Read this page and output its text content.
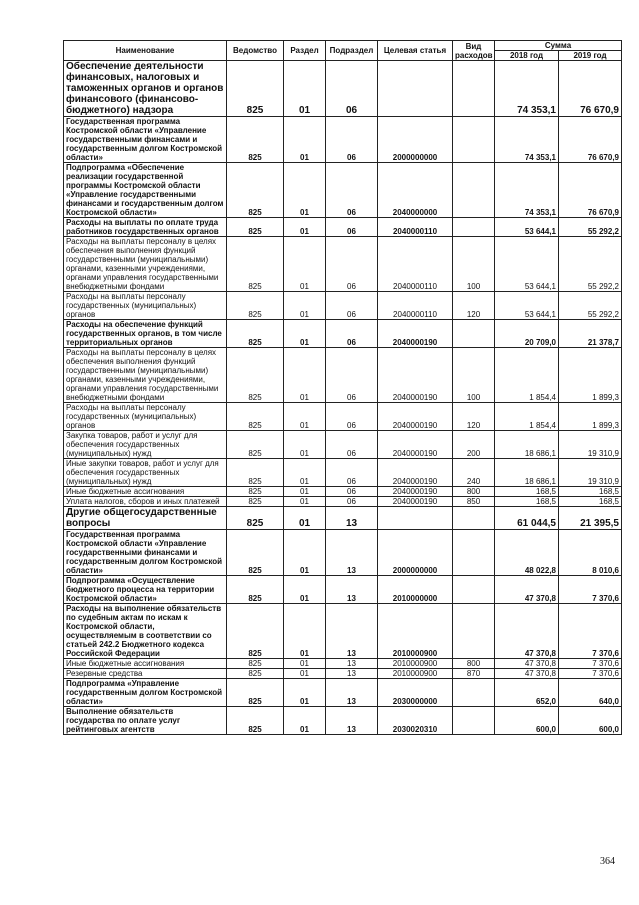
Наименование	Ведомство	Раздел	Подраздел	Целевая статья	Вид расходов	Сумма	
						2018 год	2019 год
Обеспечение деятельности финансовых, налоговых и таможенных органов и органов финансового (финансово-бюджетного) надзора	825	01	06			74 353,1	76 670,9
Государственная программа Костромской области «Управление государственными финансами и государственным долгом Костромской области»	825	01	06	2000000000		74 353,1	76 670,9
Подпрограмма «Обеспечение реализации государственной программы Костромской области «Управление государственными финансами и государственным долгом Костромской области»	825	01	06	2040000000		74 353,1	76 670,9
Расходы на выплаты по оплате труда работников государственных органов	825	01	06	2040000110		53 644,1	55 292,2
Расходы на выплаты персоналу в целях обеспечения выполнения функций государственными (муниципальными) органами, казенными учреждениями, органами управления государственными внебюджетными фондами	825	01	06	2040000110	100	53 644,1	55 292,2
Расходы на выплаты персоналу государственных (муниципальных) органов	825	01	06	2040000110	120	53 644,1	55 292,2
Расходы на обеспечение функций государственных органов, в том числе территориальных органов	825	01	06	2040000190		20 709,0	21 378,7
Расходы на выплаты персоналу в целях обеспечения выполнения функций государственными (муниципальными) органами, казенными учреждениями, органами управления государственными внебюджетными фондами	825	01	06	2040000190	100	1 854,4	1 899,3
Расходы на выплаты персоналу государственных (муниципальных) органов	825	01	06	2040000190	120	1 854,4	1 899,3
Закупка товаров, работ и услуг для обеспечения государственных (муниципальных) нужд	825	01	06	2040000190	200	18 686,1	19 310,9
Иные закупки товаров, работ и услуг для обеспечения государственных (муниципальных) нужд	825	01	06	2040000190	240	18 686,1	19 310,9
Иные бюджетные ассигнования	825	01	06	2040000190	800	168,5	168,5
Уплата налогов, сборов и иных платежей	825	01	06	2040000190	850	168,5	168,5
Другие общегосударственные вопросы	825	01	13			61 044,5	21 395,5
Государственная программа Костромской области «Управление государственными финансами и государственным долгом Костромской области»	825	01	13	2000000000		48 022,8	8 010,6
Подпрограмма «Осуществление бюджетного процесса на территории Костромской области»	825	01	13	2010000000		47 370,8	7 370,6
Расходы на выполнение обязательств по судебным актам по искам к Костромской области, осуществляемым в соответствии со статьей 242.2 Бюджетного кодекса Российской Федерации	825	01	13	2010000900		47 370,8	7 370,6
Иные бюджетные ассигнования	825	01	13	2010000900	800	47 370,8	7 370,6
Резервные средства	825	01	13	2010000900	870	47 370,8	7 370,6
Подпрограмма «Управление государственным долгом Костромской области»	825	01	13	2030000000		652,0	640,0
Выполнение обязательств государства по оплате услуг рейтинговых агентств	825	01	13	2030020310		600,0	600,0
364
